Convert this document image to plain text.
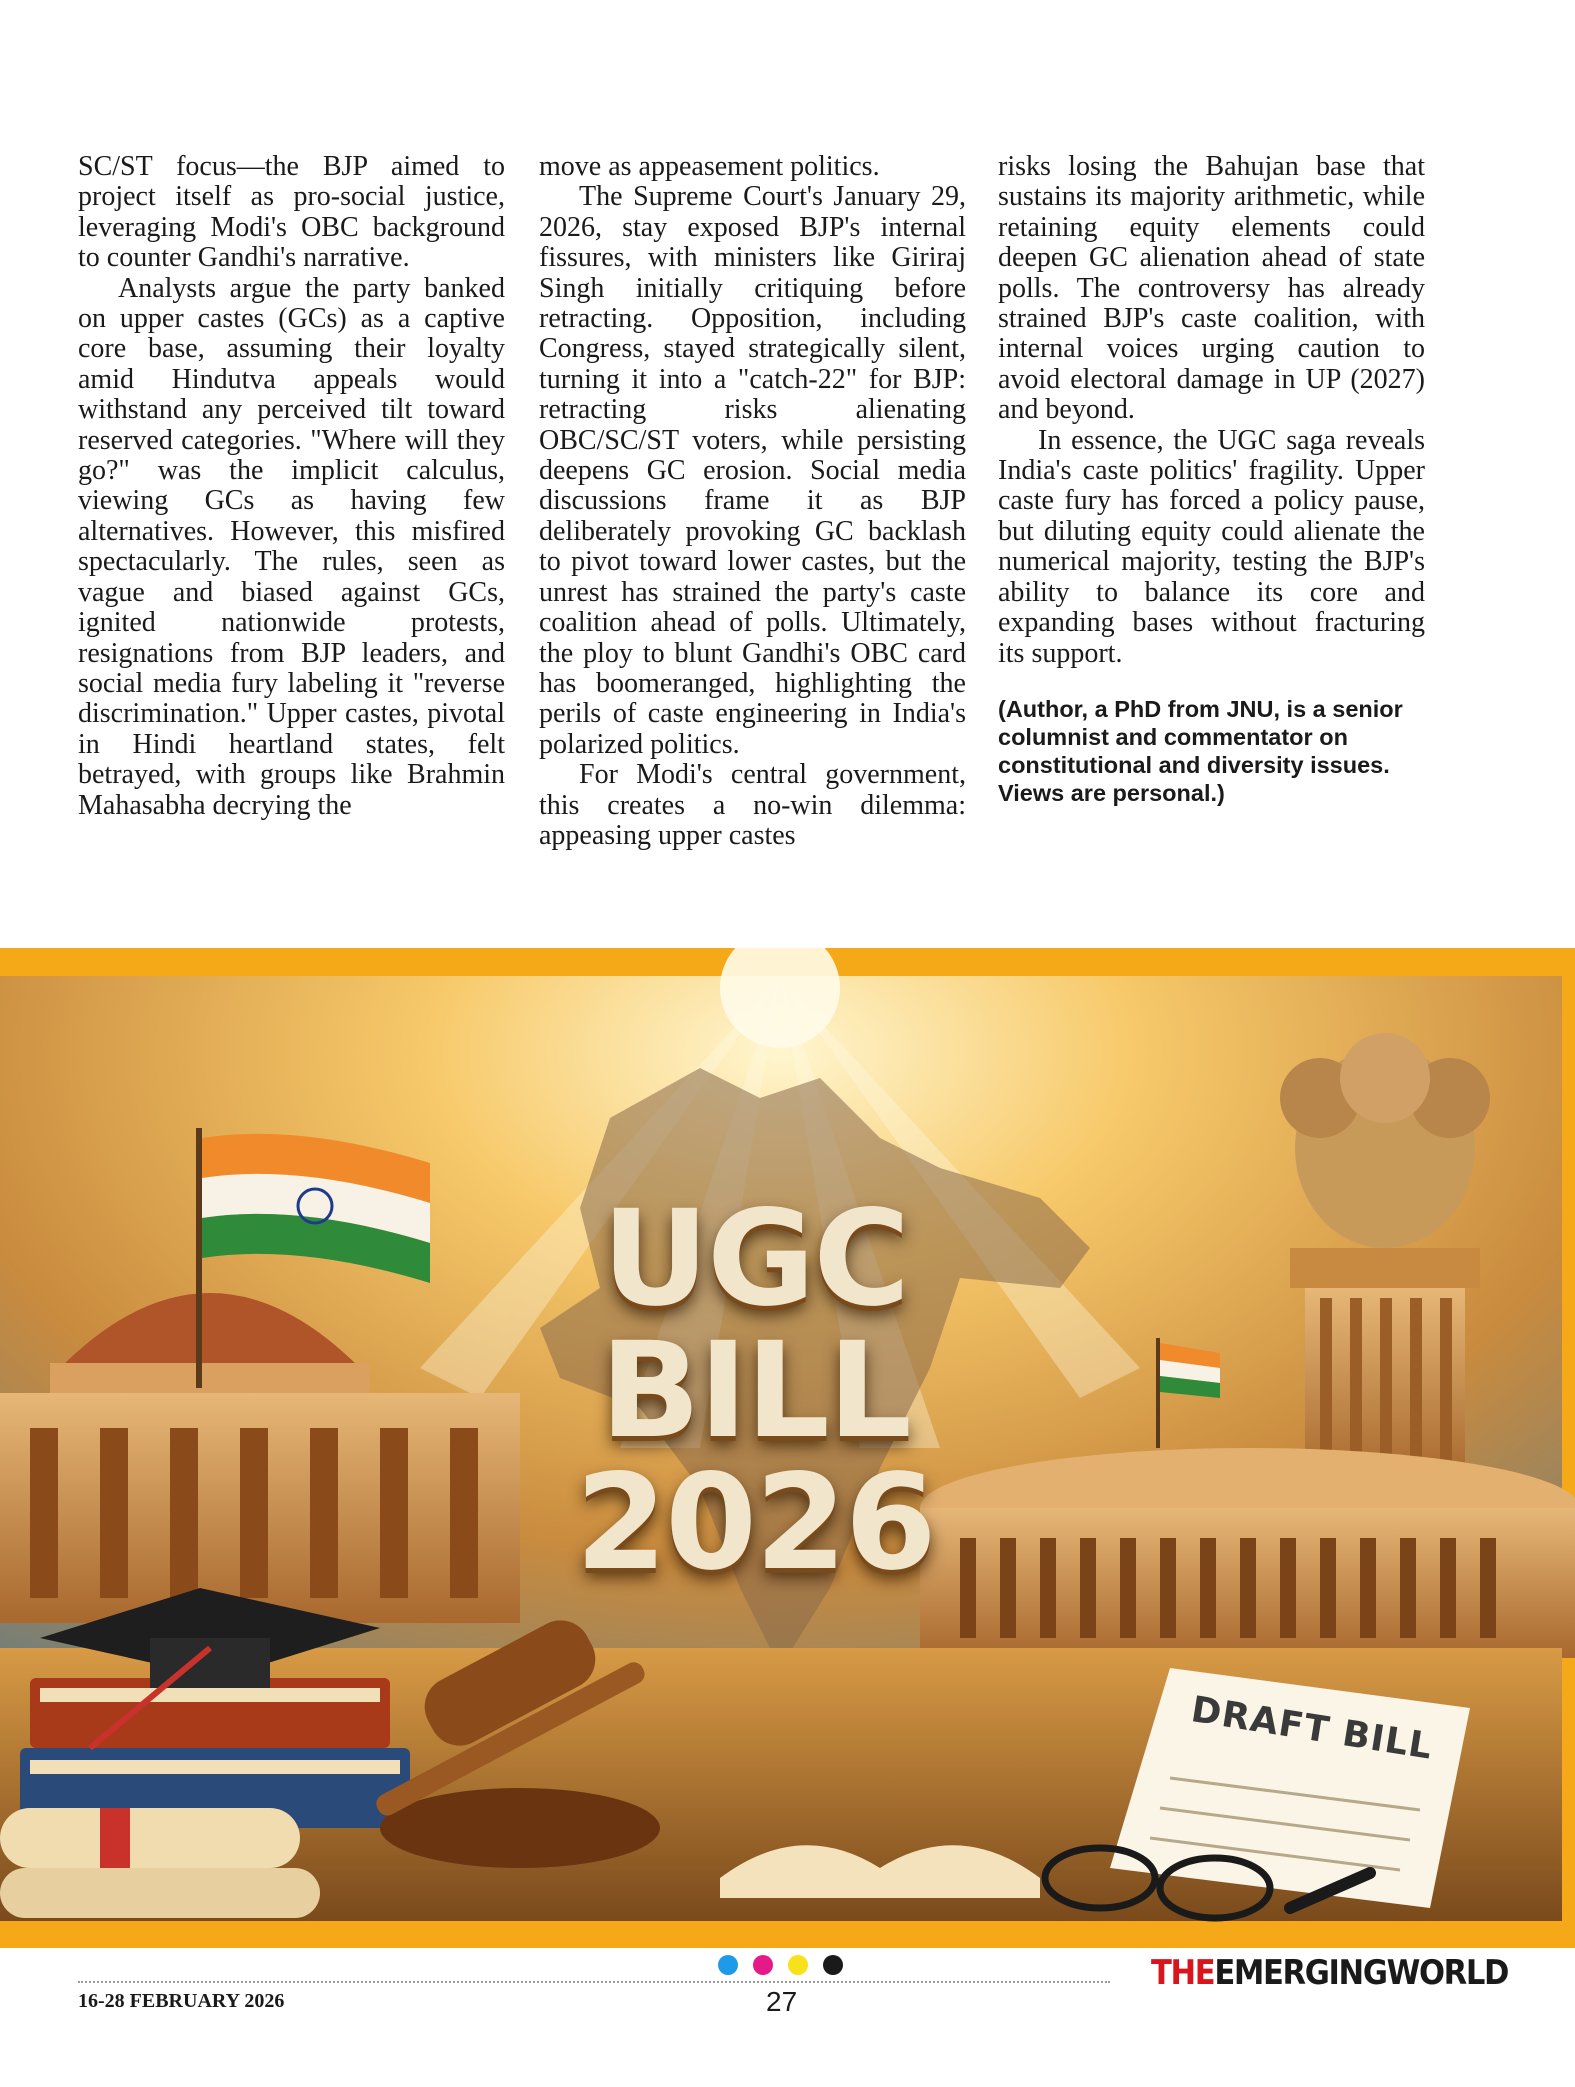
SC/ST focus—the BJP aimed to project itself as pro-social justice, leveraging Modi's OBC background to counter Gandhi's narrative.

Analysts argue the party banked on upper castes (GCs) as a captive core base, assuming their loyalty amid Hindutva appeals would withstand any perceived tilt toward reserved categories. "Where will they go?" was the implicit calculus, viewing GCs as having few alternatives. However, this misfired spectacularly. The rules, seen as vague and biased against GCs, ignited nationwide protests, resignations from BJP leaders, and social media fury labeling it "reverse discrimination." Upper castes, pivotal in Hindi heartland states, felt betrayed, with groups like Brahmin Mahasabha decrying the

move as appeasement politics.

The Supreme Court's January 29, 2026, stay exposed BJP's internal fissures, with ministers like Giriraj Singh initially critiquing before retracting. Opposition, including Congress, stayed strategically silent, turning it into a "catch-22" for BJP: retracting risks alienating OBC/SC/ST voters, while persisting deepens GC erosion. Social media discussions frame it as BJP deliberately provoking GC backlash to pivot toward lower castes, but the unrest has strained the party's caste coalition ahead of polls. Ultimately, the ploy to blunt Gandhi's OBC card has boomeranged, highlighting the perils of caste engineering in India's polarized politics.

For Modi's central government, this creates a no-win dilemma: appeasing upper castes

risks losing the Bahujan base that sustains its majority arithmetic, while retaining equity elements could deepen GC alienation ahead of state polls. The controversy has already strained BJP's caste coalition, with internal voices urging caution to avoid electoral damage in UP (2027) and beyond.

In essence, the UGC saga reveals India's caste politics' fragility. Upper caste fury has forced a policy pause, but diluting equity could alienate the numerical majority, testing the BJP's ability to balance its core and expanding bases without fracturing its support.

(Author, a PhD from JNU, is a senior columnist and commentator on constitutional and diversity issues. Views are personal.)
UGC
BILL
2026
DRAFT BILL
16-28 FEBRUARY 2026	27
THEEMERGINGWORLD
